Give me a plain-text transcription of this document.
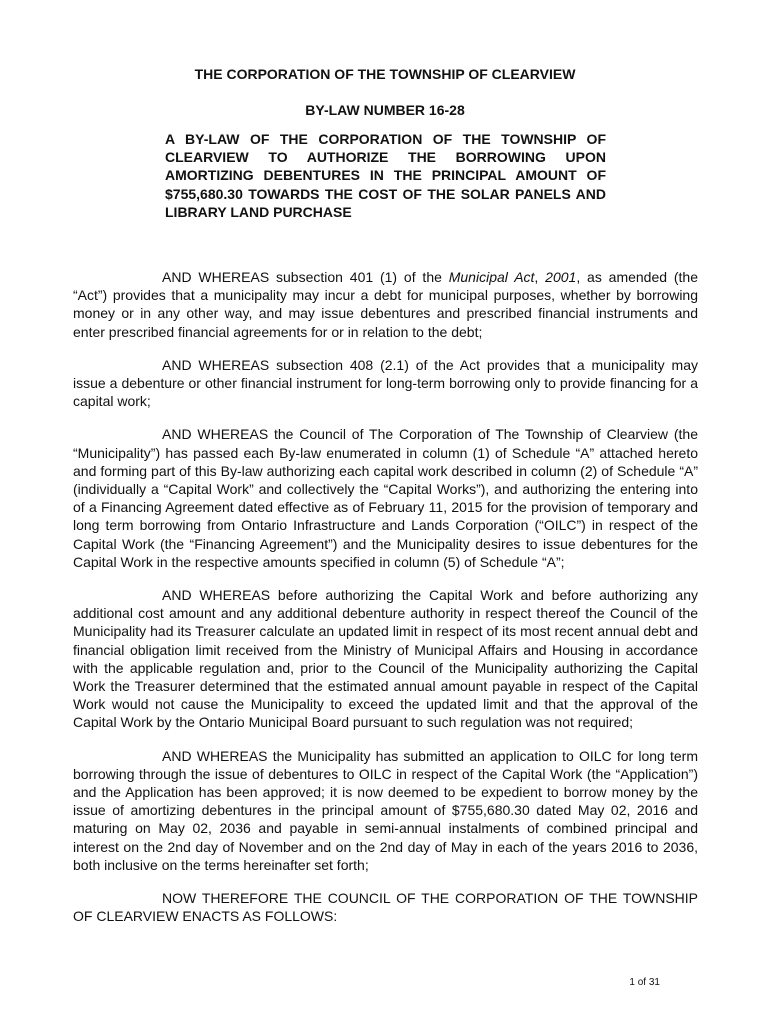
THE CORPORATION OF THE TOWNSHIP OF CLEARVIEW

BY-LAW NUMBER 16-28

A BY-LAW OF THE CORPORATION OF THE TOWNSHIP OF CLEARVIEW TO AUTHORIZE THE BORROWING UPON AMORTIZING DEBENTURES IN THE PRINCIPAL AMOUNT OF $755,680.30 TOWARDS THE COST OF THE SOLAR PANELS AND LIBRARY LAND PURCHASE

AND WHEREAS subsection 401 (1) of the Municipal Act, 2001, as amended (the “Act”) provides that a municipality may incur a debt for municipal purposes, whether by borrowing money or in any other way, and may issue debentures and prescribed financial instruments and enter prescribed financial agreements for or in relation to the debt;

AND WHEREAS subsection 408 (2.1) of the Act provides that a municipality may issue a debenture or other financial instrument for long-term borrowing only to provide financing for a capital work;

AND WHEREAS the Council of The Corporation of The Township of Clearview (the “Municipality”) has passed each By-law enumerated in column (1) of Schedule “A” attached hereto and forming part of this By-law authorizing each capital work described in column (2) of Schedule “A” (individually a “Capital Work” and collectively the “Capital Works”), and authorizing the entering into of a Financing Agreement dated effective as of February 11, 2015 for the provision of temporary and long term borrowing from Ontario Infrastructure and Lands Corporation (“OILC”) in respect of the Capital Work (the “Financing Agreement”) and the Municipality desires to issue debentures for the Capital Work in the respective amounts specified in column (5) of Schedule “A”;

AND WHEREAS before authorizing the Capital Work and before authorizing any additional cost amount and any additional debenture authority in respect thereof the Council of the Municipality had its Treasurer calculate an updated limit in respect of its most recent annual debt and financial obligation limit received from the Ministry of Municipal Affairs and Housing in accordance with the applicable regulation and, prior to the Council of the Municipality authorizing the Capital Work the Treasurer determined that the estimated annual amount payable in respect of the Capital Work would not cause the Municipality to exceed the updated limit and that the approval of the Capital Work by the Ontario Municipal Board pursuant to such regulation was not required;

AND WHEREAS the Municipality has submitted an application to OILC for long term borrowing through the issue of debentures to OILC in respect of the Capital Work (the “Application”) and the Application has been approved; it is now deemed to be expedient to borrow money by the issue of amortizing debentures in the principal amount of $755,680.30 dated May 02, 2016 and maturing on May 02, 2036 and payable in semi-annual instalments of combined principal and interest on the 2nd day of November and on the 2nd day of May in each of the years 2016 to 2036, both inclusive on the terms hereinafter set forth;

NOW THEREFORE THE COUNCIL OF THE CORPORATION OF THE TOWNSHIP OF CLEARVIEW ENACTS AS FOLLOWS:

1 of 31
